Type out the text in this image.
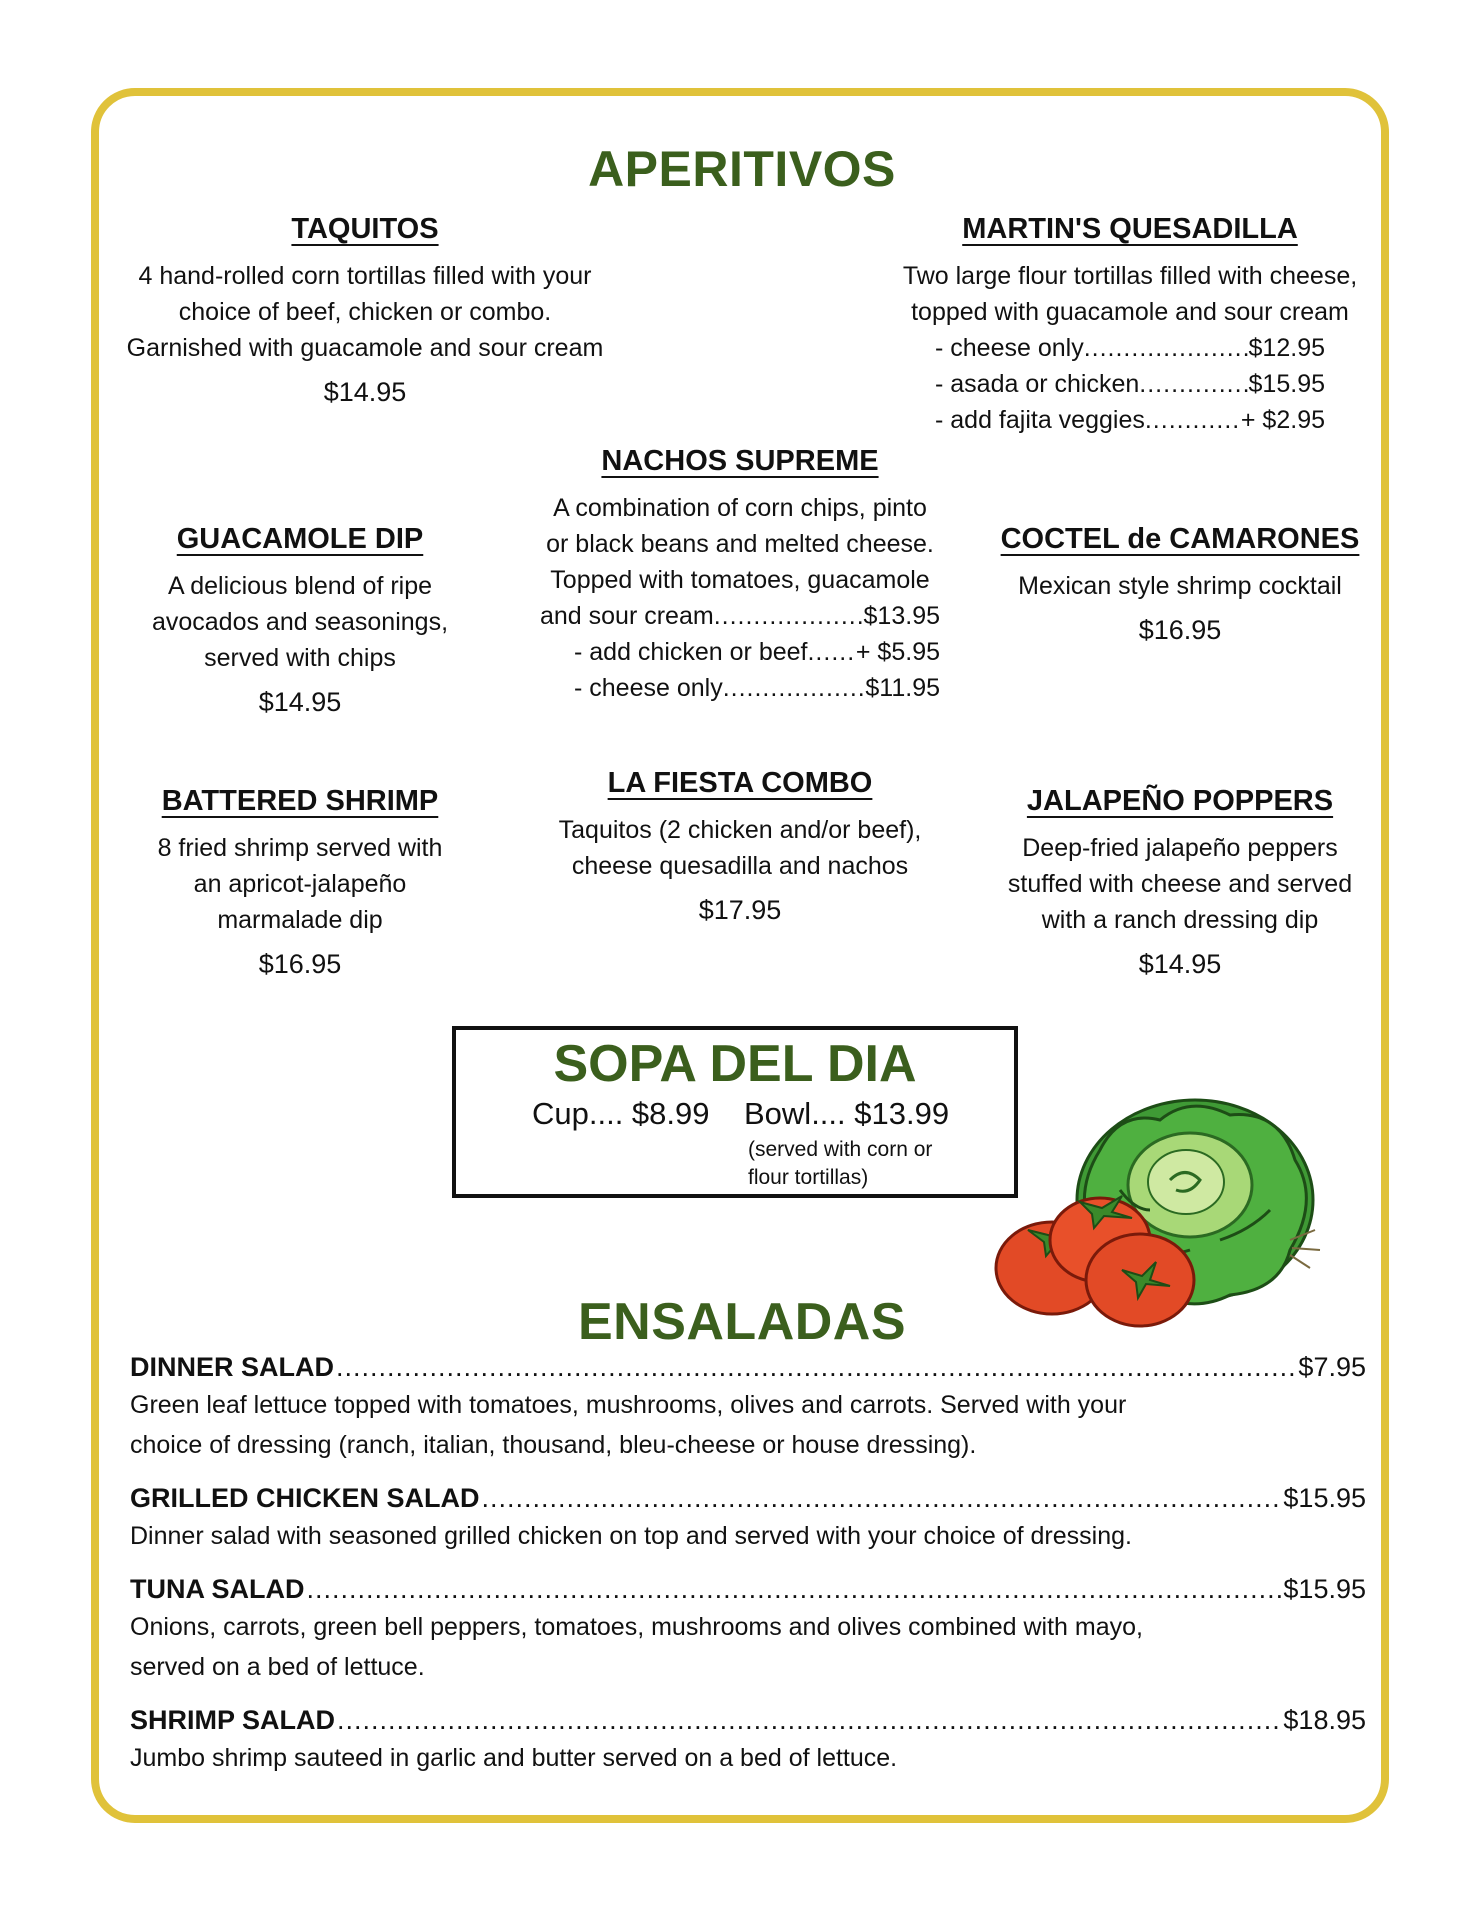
APERITIVOS
TAQUITOS
4 hand-rolled corn tortillas filled with your
choice of beef, chicken or combo.
Garnished with guacamole and sour cream
$14.95
MARTIN'S QUESADILLA
Two large flour tortillas filled with cheese,
topped with guacamole and sour cream
- cheese only .....	$12.95
- asada or chicken .....	$15.95
- add fajita veggies .....	+ $2.95
NACHOS SUPREME
A combination of corn chips, pinto
or black beans and melted cheese.
Topped with tomatoes, guacamole
and sour cream .....	$13.95
- add chicken or beef ..... + $5.95
- cheese only .....	$11.95
GUACAMOLE DIP
A delicious blend of ripe
avocados and seasonings,
served with chips
$14.95
COCTEL de CAMARONES
Mexican style shrimp cocktail
$16.95
BATTERED SHRIMP
8 fried shrimp served with
an apricot-jalapeño
marmalade dip
$16.95
LA FIESTA COMBO
Taquitos (2 chicken and/or beef),
cheese quesadilla and nachos
$17.95
JALAPEÑO POPPERS
Deep-fried jalapeño peppers
stuffed with cheese and served
with a ranch dressing dip
$14.95
SOPA DEL DIA
Cup.... $8.99 Bowl.... $13.99
(served with corn or
flour tortillas)
ENSALADAS
DINNER SALAD .....	$7.95
Green leaf lettuce topped with tomatoes, mushrooms, olives and carrots. Served with your
choice of dressing (ranch, italian, thousand, bleu-cheese or house dressing).
GRILLED CHICKEN SALAD .....	$15.95
Dinner salad with seasoned grilled chicken on top and served with your choice of dressing.
TUNA SALAD .....	$15.95
Onions, carrots, green bell peppers, tomatoes, mushrooms and olives combined with mayo,
served on a bed of lettuce.
SHRIMP SALAD .....	$18.95
Jumbo shrimp sauteed in garlic and butter served on a bed of lettuce.
